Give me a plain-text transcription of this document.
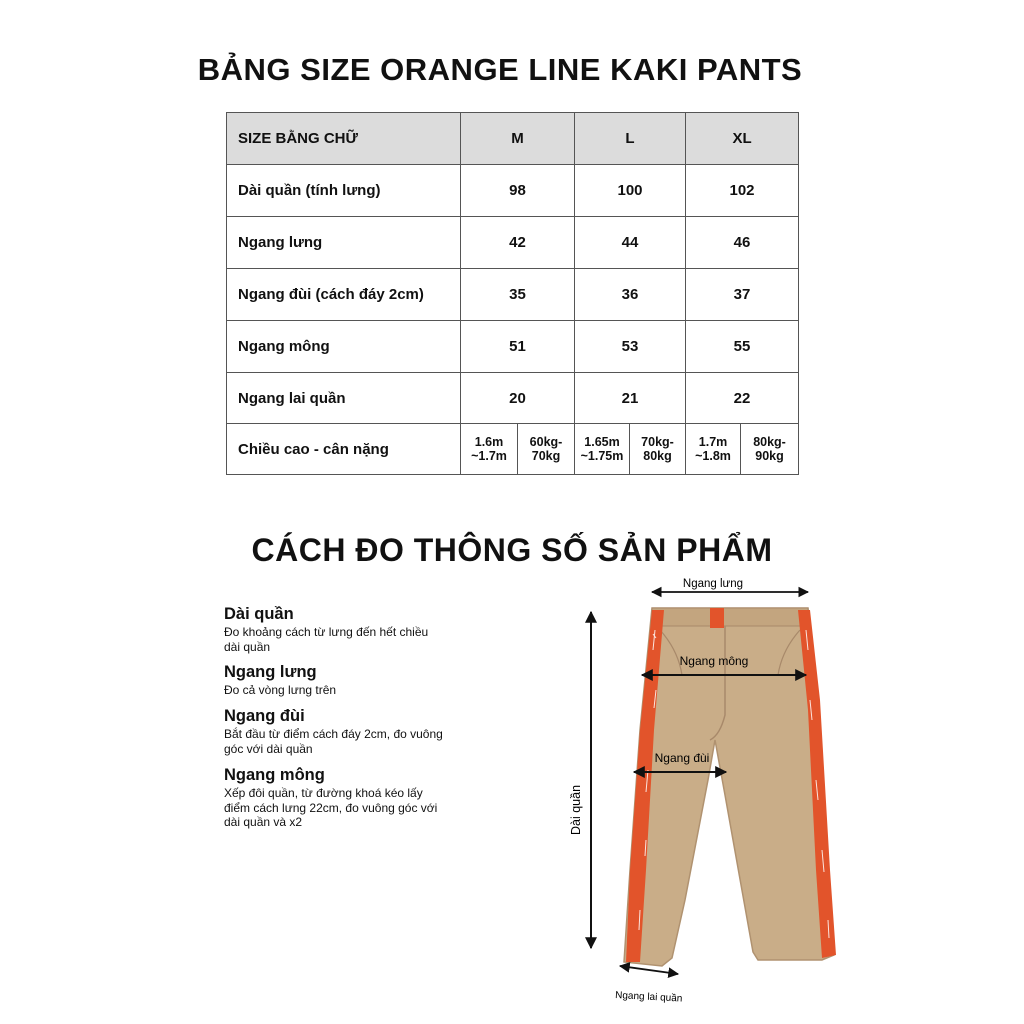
BẢNG SIZE ORANGE LINE KAKI PANTS
SIZE BẰNG CHỮ	M		L		XL	
Dài quần (tính lưng)	98		100		102	
Ngang lưng	42		44		46	
Ngang đùi (cách đáy 2cm)	35		36		37	
Ngang mông	51		53		55	
Ngang lai quần	20		21		22	
Chiều cao - cân nặng	1.6m ~1.7m	60kg- 70kg	1.65m ~1.75m	70kg- 80kg	1.7m ~1.8m	80kg- 90kg
CÁCH ĐO THÔNG SỐ SẢN PHẨM
Dài quần
Đo khoảng cách từ lưng đến hết chiều dài quần
Ngang lưng
Đo cả vòng lưng trên
Ngang đùi
Bắt đầu từ điểm cách đáy 2cm, đo vuông góc với dài quần
Ngang mông
Xếp đôi quần, từ đường khoá kéo lấy điểm cách lưng 22cm, đo vuông góc với dài quần và x2
Ngang lưng
Ngang mông
Ngang đùi
Dài quần
Ngang lai quần
